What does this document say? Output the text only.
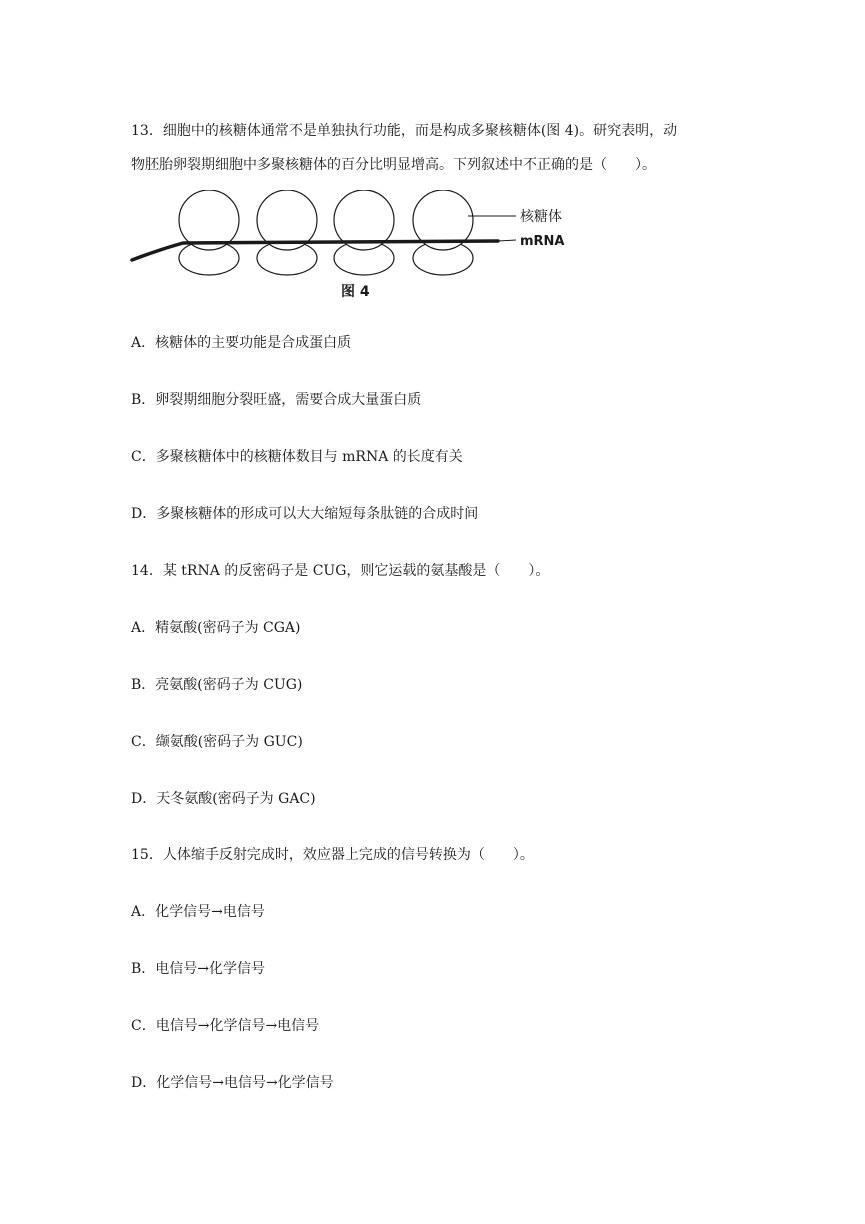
13．细胞中的核糖体通常不是单独执行功能，而是构成多聚核糖体(图 4)。研究表明，动
物胚胎卵裂期细胞中多聚核糖体的百分比明显增高。下列叙述中不正确的是（　　）。
核糖体
mRNA
图 4
A．核糖体的主要功能是合成蛋白质
B．卵裂期细胞分裂旺盛，需要合成大量蛋白质
C．多聚核糖体中的核糖体数目与 mRNA 的长度有关
D．多聚核糖体的形成可以大大缩短每条肽链的合成时间
14．某 tRNA 的反密码子是 CUG，则它运载的氨基酸是（　　）。
A．精氨酸(密码子为 CGA)
B．亮氨酸(密码子为 CUG)
C．缬氨酸(密码子为 GUC)
D．天冬氨酸(密码子为 GAC)
15．人体缩手反射完成时，效应器上完成的信号转换为（　　）。
A．化学信号→电信号
B．电信号→化学信号
C．电信号→化学信号→电信号
D．化学信号→电信号→化学信号
